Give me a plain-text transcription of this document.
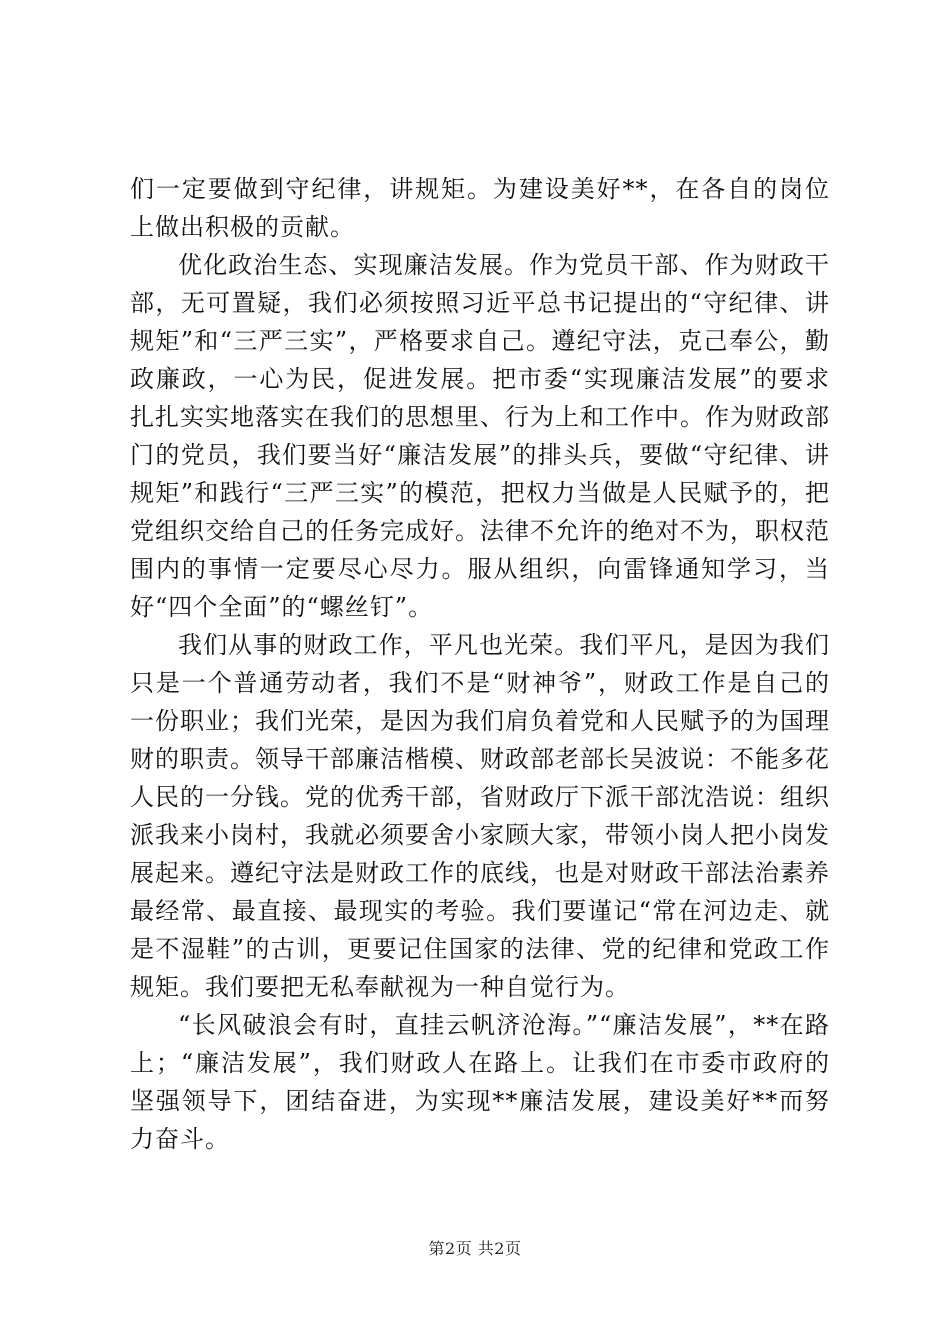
们一定要做到守纪律，讲规矩。为建设美好**，在各自的岗位上做出积极的贡献。

优化政治生态、实现廉洁发展。作为党员干部、作为财政干部，无可置疑，我们必须按照习近平总书记提出的“守纪律、讲规矩”和“三严三实”，严格要求自己。遵纪守法，克己奉公，勤政廉政，一心为民，促进发展。把市委“实现廉洁发展”的要求扎扎实实地落实在我们的思想里、行为上和工作中。作为财政部门的党员，我们要当好“廉洁发展”的排头兵，要做“守纪律、讲规矩”和践行“三严三实”的模范，把权力当做是人民赋予的，把党组织交给自己的任务完成好。法律不允许的绝对不为，职权范围内的事情一定要尽心尽力。服从组织，向雷锋通知学习，当好“四个全面”的“螺丝钉”。

我们从事的财政工作，平凡也光荣。我们平凡，是因为我们只是一个普通劳动者，我们不是“财神爷”，财政工作是自己的一份职业；我们光荣，是因为我们肩负着党和人民赋予的为国理财的职责。领导干部廉洁楷模、财政部老部长吴波说：不能多花人民的一分钱。党的优秀干部，省财政厅下派干部沈浩说：组织派我来小岗村，我就必须要舍小家顾大家，带领小岗人把小岗发展起来。遵纪守法是财政工作的底线，也是对财政干部法治素养最经常、最直接、最现实的考验。我们要谨记“常在河边走、就是不湿鞋”的古训，更要记住国家的法律、党的纪律和党政工作规矩。我们要把无私奉献视为一种自觉行为。

“长风破浪会有时，直挂云帆济沧海。”“廉洁发展”，**在路上；“廉洁发展”，我们财政人在路上。让我们在市委市政府的坚强领导下，团结奋进，为实现**廉洁发展，建设美好**而努力奋斗。

第2页 共2页
